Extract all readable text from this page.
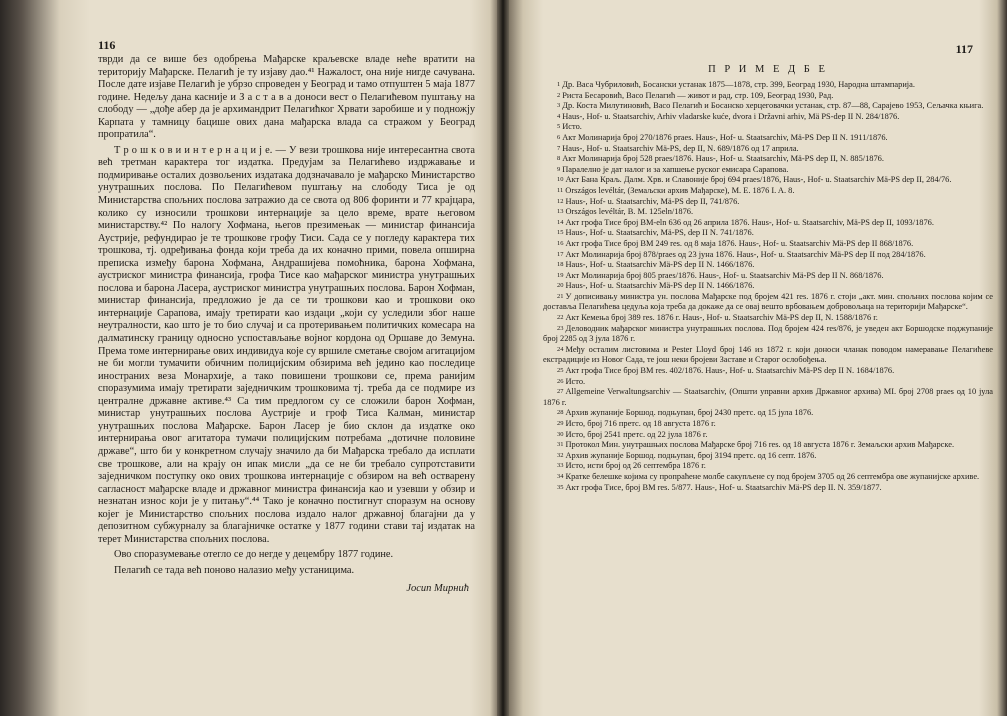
116

тврди да се више без одобрења Мађарске краљевске владе неће вратити на територију Мађарске. Пелагић је ту изјаву дао.⁴¹ Нажалост, она није нигде сачувана. После дате изјаве Пелагић је убрзо спроведен у Београд и тамо отпуштен 5 маја 1877 године. Недељу дана касније и З а с т а в а доноси вест о Пелагићевом пуштању на слободу — „дође абер да је архимандрит Пелагићког Хрвати заробише и у подножју Карпата у тамницу бацише ових дана мађарска влада са стражом у Београд пропратила“.

Т р о ш к о в и и н т е р н а ц и ј е. — У вези трошкова није интересантна свота већ третман карактера тог издатка. Предујам за Пелагићево издржавање и подмиривање осталих дозвољених издатака додзначавало је мађарско Министарство унутрашњих послова. По Пелагићевом пуштању на слободу Тиса је од Министарства спољних послова затражио да се свота од 806 форинти и 77 крајцара, колико су износили трошкови интернације за цело време, врате његовом министарству.⁴² По налогу Хофмана, његов презимењак — министар финансија Аустрије, рефундирао је те трошкове грофу Тиси. Сада се у погледу карактера тих трошкова, тј. одређивања фонда који треба да их коначно прими, повела опширна преписка између барона Хофмана, Андрашијева помоћника, барона Хофмана, аустриског министра финансија, грофа Тисе као мађарског министра унутрашњих послова и барона Ласера, аустриског министра унутрашњих послова. Барон Хофман, министар финансија, предложио је да се ти трошкови као и трошкови око интернације Сарапова, имају третирати као издаци „који су уследили због наше неутралности, као што је то био случај и са протеривањем политичких комесара на далматинску границу односно успостављање војног кордона од Оршаве до Земуна. Према томе интернирање ових индивидуа које су вршиле сметање својом агитацијом не би могли тумачити обичним полицијским обзирима већ једино као последице иностраних веза Монархије, а тако повишени трошкови се, према ранијим споразумима имају третирати заједничким трошковима тј. треба да се подмире из централне државне активе.⁴³ Са тим предлогом су се сложили барон Хофман, министар унутрашњих послова Аустрије и гроф Тиса Калман, министар унутрашњих послова Мађарске. Барон Ласер је био склон да издатке око интернирања овог агитатора тумачи полицијским потребама „дотичне половине државе“, што би у конкретном случају значило да би Мађарска требало да исплати све трошкове, али на крају он ипак мисли „да се не би требало супротставити заједничком поступку око ових трошкова интернације с обзиром на већ остварену сагласност мађарске владе и државног министра финансија као и узевши у обзир и незнатан износ који је у питању“.⁴⁴ Тако је коначно постигнут споразум на основу којег је Министарство спољних послова издало налог државној благајни да у депозитном субжурналу за благајничке остатке у 1877 години стави тај издатак на терет Министарства спољних послова.

Ово споразумевање отегло се до негде у децембру 1877 године.

Пелагић се тада већ поново налазио међу устаницима.

Јосип Мирнић
117
П Р И М Е Д Б Е

$^1$ Др. Васа Чубриловић, Босански устанак 1875—1878, стр. 399, Београд 1930, Народна штампарија.

$^2$ Риста Бесаровић, Васо Пелагић — живот и рад, стр. 109, Београд 1930, Рад.

$^3$ Др. Коста Милутиновић, Васо Пелагић и Босанско херцеговачки устанак, стр. 87—88, Сарајево 1953, Сељачка књига.

$^4$ Haus-, Hof- u. Staatsarchiv, Arhiv vladarske kuće, dvora i Državni arhiv, Mä PS-dep II N. 284/1876.

$^5$ Исто.

$^6$ Акт Молинарија број 270/1876 praes. Haus-, Hof- u. Staatsarchiv, Mä-PS Dep II N. 1911/1876.

$^7$ Haus-, Hof- u. Staatsarchiv Mä-PS, dep II, N. 689/1876 од 17 априла.

$^8$ Акт Молинарија број 528 praes/1876. Haus-, Hof- u. Staatsarchiv, Mä-PS dep II, N. 885/1876.

$^9$ Паралелно је дат налог и за хапшење руског емисара Сарапова.

$^{10}$ Акт Бана Краљ. Далм. Хрв. и Славоније број 694 praes/1876, Haus-, Hof- u. Staatsarchiv Mä-PS dep II, 284/76.

$^{11}$ Országos levéltár, (Земаљски архив Мађарске), M. E. 1876 I. A. 8.

$^{12}$ Haus-, Hof- u. Staatsarchiv, Mä-PS dep II, 741/876.

$^{13}$ Országos levéltár, B. M. 125eln/1876.

$^{14}$ Акт грофа Тисе број BM-eln 636 од 26 априла 1876. Haus-, Hof- u. Staatsarchiv, Mä-PS dep II, 1093/1876.

$^{15}$ Haus-, Hof- u. Staatsarchiv, Mä-PS, dep II N. 741/1876.

$^{16}$ Акт грофа Тисе број BM 249 res. од 8 маја 1876. Haus-, Hof- u. Staatsarchiv Mä-PS dep II 868/1876.

$^{17}$ Акт Молинарија број 878/praes од 23 јуна 1876. Haus-, Hof- u. Staatsarchiv Mä-PS dep II под 284/1876.

$^{18}$ Haus-, Hof- u. Staatsarchiv Mä-PS dep II N. 1466/1876.

$^{19}$ Акт Молинарија број 805 praes/1876. Haus-, Hof- u. Staatsarchiv Mä-PS dep II N. 868/1876.

$^{20}$ Haus-, Hof- u. Staatsarchiv Mä-PS dep II N. 1466/1876.

$^{21}$ У дописивању министра ун. послова Мађарске под бројем 421 res. 1876 г. стоји „акт. мин. спољних послова којим се доставља Пелагићева цедуља која треба да докаже да се овај вешто врбовањем добровољаца на територији Мађарске“.

$^{22}$ Акт Кемења број 389 res. 1876 г. Haus-, Hof- u. Staatsarchiv Mä-PS dep II, N. 1588/1876 г.

$^{23}$ Деловодник мађарског министра унутрашњих послова. Под бројем 424 res/876, је уведен акт Боршодске поджупаније број 2285 од 3 јула 1876 г.

$^{24}$ Међу осталим листовима и Pester Lloyd број 146 из 1872 г. који доноси чланак поводом намеравање Пелагићеве екстрадиције из Новог Сада, те још неки бројеви Заставе и Старог ослобођења.

$^{25}$ Акт грофа Тисе број BM res. 402/1876. Haus-, Hof- u. Staatsarchiv Mä-PS dep II N. 1684/1876.

$^{26}$ Исто.

$^{27}$ Allgemeine Verwaltungsarchiv — Staatsarchiv, (Општи управни архив Државног архива) MI. број 2708 praes од 10 јула 1876 г.

$^{28}$ Архив жупаније Боршод. подњупан, број 2430 претс. од 15 јула 1876.

$^{29}$ Исто, број 716 претс. од 18 августа 1876 г.

$^{30}$ Исто, број 2541 претс. од 22 јула 1876 г.

$^{31}$ Протокол Мин. унутрашњих послова Мађарске број 716 res. од 18 августа 1876 г. Земаљски архив Мађарске.

$^{32}$ Архив жупаније Боршод. подњупан, број 3194 претс. од 16 септ. 1876.

$^{33}$ Исто, исти број од 26 септембра 1876 г.

$^{34}$ Кратке белешке којима су пропраћене молбе сакупљене су под бројем 3705 од 26 септембра ове жупанијске архиве.

$^{35}$ Акт грофа Тисе, број BM res. 5/877. Haus-, Hof- u. Staatsarchiv Mä-PS dep II. N. 359/1877.
